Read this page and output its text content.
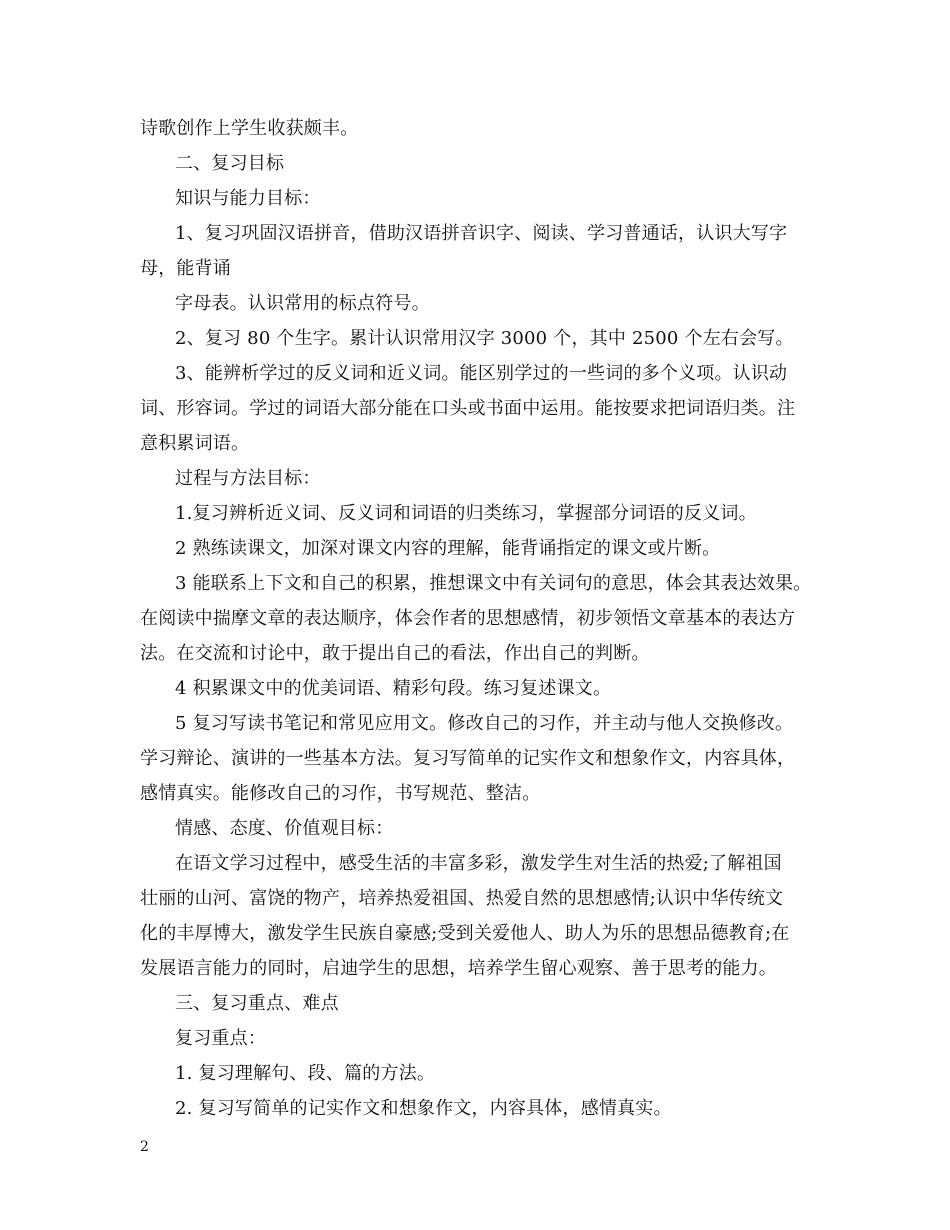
诗歌创作上学生收获颇丰。
二、复习目标
知识与能力目标：
1、复习巩固汉语拼音，借助汉语拼音识字、阅读、学习普通话，认识大写字
母，能背诵
字母表。认识常用的标点符号。
2、复习 80 个生字。累计认识常用汉字 3000 个，其中 2500 个左右会写。
3、能辨析学过的反义词和近义词。能区别学过的一些词的多个义项。认识动
词、形容词。学过的词语大部分能在口头或书面中运用。能按要求把词语归类。注
意积累词语。
过程与方法目标：
1.复习辨析近义词、反义词和词语的归类练习，掌握部分词语的反义词。
2 熟练读课文，加深对课文内容的理解，能背诵指定的课文或片断。
3 能联系上下文和自己的积累，推想课文中有关词句的意思，体会其表达效果。
在阅读中揣摩文章的表达顺序，体会作者的思想感情，初步领悟文章基本的表达方
法。在交流和讨论中，敢于提出自己的看法，作出自己的判断。
4 积累课文中的优美词语、精彩句段。练习复述课文。
5 复习写读书笔记和常见应用文。修改自己的习作，并主动与他人交换修改。
学习辩论、演讲的一些基本方法。复习写简单的记实作文和想象作文，内容具体，
感情真实。能修改自己的习作，书写规范、整洁。
情感、态度、价值观目标：
在语文学习过程中，感受生活的丰富多彩，激发学生对生活的热爱;了解祖国
壮丽的山河、富饶的物产，培养热爱祖国、热爱自然的思想感情;认识中华传统文
化的丰厚博大，激发学生民族自豪感;受到关爱他人、助人为乐的思想品德教育;在
发展语言能力的同时，启迪学生的思想，培养学生留心观察、善于思考的能力。
三、复习重点、难点
复习重点：
1. 复习理解句、段、篇的方法。
2. 复习写简单的记实作文和想象作文，内容具体，感情真实。
2
